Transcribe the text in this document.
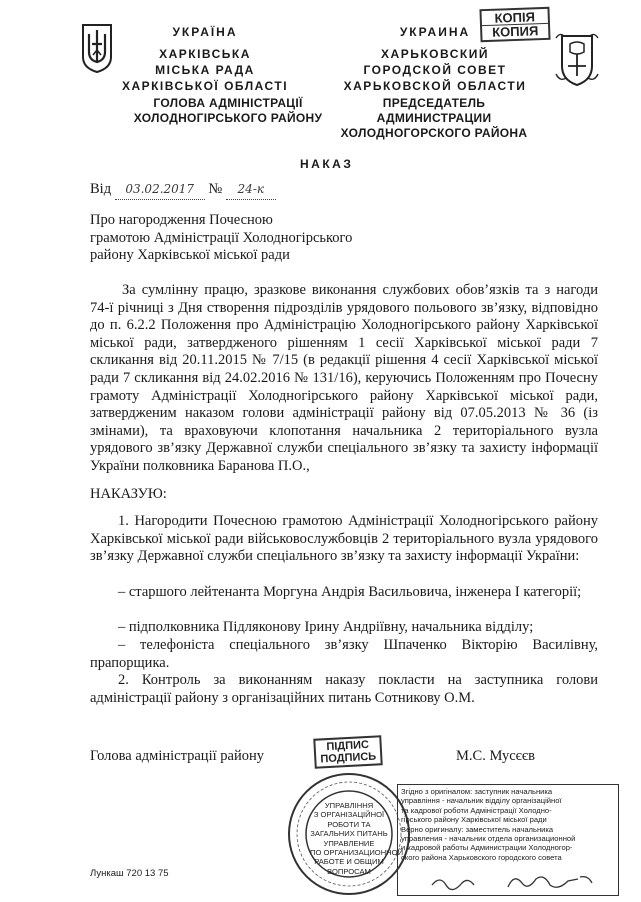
УКРАЇНА
ХАРКІВСЬКА
МІСЬКА РАДА
ХАРКІВСЬКОЇ ОБЛАСТІ
ГОЛОВА АДМІНІСТРАЦІЇ
ХОЛОДНОГІРСЬКОГО РАЙОНУ
УКРАИНА
ХАРЬКОВСКИЙ
ГОРОДСКОЙ СОВЕТ
ХАРЬКОВСКОЙ ОБЛАСТИ
ПРЕДСЕДАТЕЛЬ АДМИНИСТРАЦИИ
ХОЛОДНОГОРСКОГО РАЙОНА
КОПІЯ
КОПИЯ
НАКАЗ
Від 03.02.2017 № 24-к
Про нагородження Почесною
грамотою Адміністрації Холодногірського
району Харківської міської ради
За сумлінну працю, зразкове виконання службових обов’язків та з нагоди 74-ї річниці з Дня створення підрозділів урядового польового зв’язку, відповідно до п. 6.2.2 Положення про Адміністрацію Холодногірського району Харківської міської ради, затвердженого рішенням 1 сесії Харківської міської ради 7 скликання від 20.11.2015 № 7/15 (в редакції рішення 4 сесії Харківської міської ради 7 скликання від 24.02.2016 № 131/16), керуючись Положенням про Почесну грамоту Адміністрації Холодногірського району Харківської міської ради, затвердженим наказом голови адміністрації району від 07.05.2013 № 36 (із змінами), та враховуючи клопотання начальника 2 територіального вузла урядового зв’язку Державної служби спеціального зв’язку та захисту інформації України полковника Баранова П.О.,
НАКАЗУЮ:
1. Нагородити Почесною грамотою Адміністрації Холодногірського району Харківської міської ради військовослужбовців 2 територіального вузла урядового зв’язку Державної служби спеціального зв’язку та захисту інформації України:
– старшого лейтенанта Моргуна Андрія Васильовича, інженера І категорії;
– підполковника Підляконову Ірину Андріївну, начальника відділу;
– телефоніста спеціального зв’язку Шпаченко Вікторію Василівну, прапорщика.
2. Контроль за виконанням наказу покласти на заступника голови адміністрації району з організаційних питань Сотникову О.М.
Голова адміністрації району
ПІДПИС
ПОДПИСЬ	М.С. Мусєєв
УПРАВЛІННЯ
З ОРГАНІЗАЦІЙНОЇ
РОБОТИ ТА
ЗАГАЛЬНИХ ПИТАНЬ
УПРАВЛЕНИЕ
ПО ОРГАНИЗАЦИОННОЙ
РАБОТЕ И ОБЩИМ
ВОПРОСАМ
Згідно з оригіналом: заступник начальника
управління - начальник відділу організаційної
та кадрової роботи Адміністрації Холодно-
гірського району Харківської міської ради
Верно оригиналу: заместитель начальника
управления - начальник отдела организационной
и кадровой работы Администрации Холодногор-
ского района Харьковского городского совета
Лункаш 720 13 75
